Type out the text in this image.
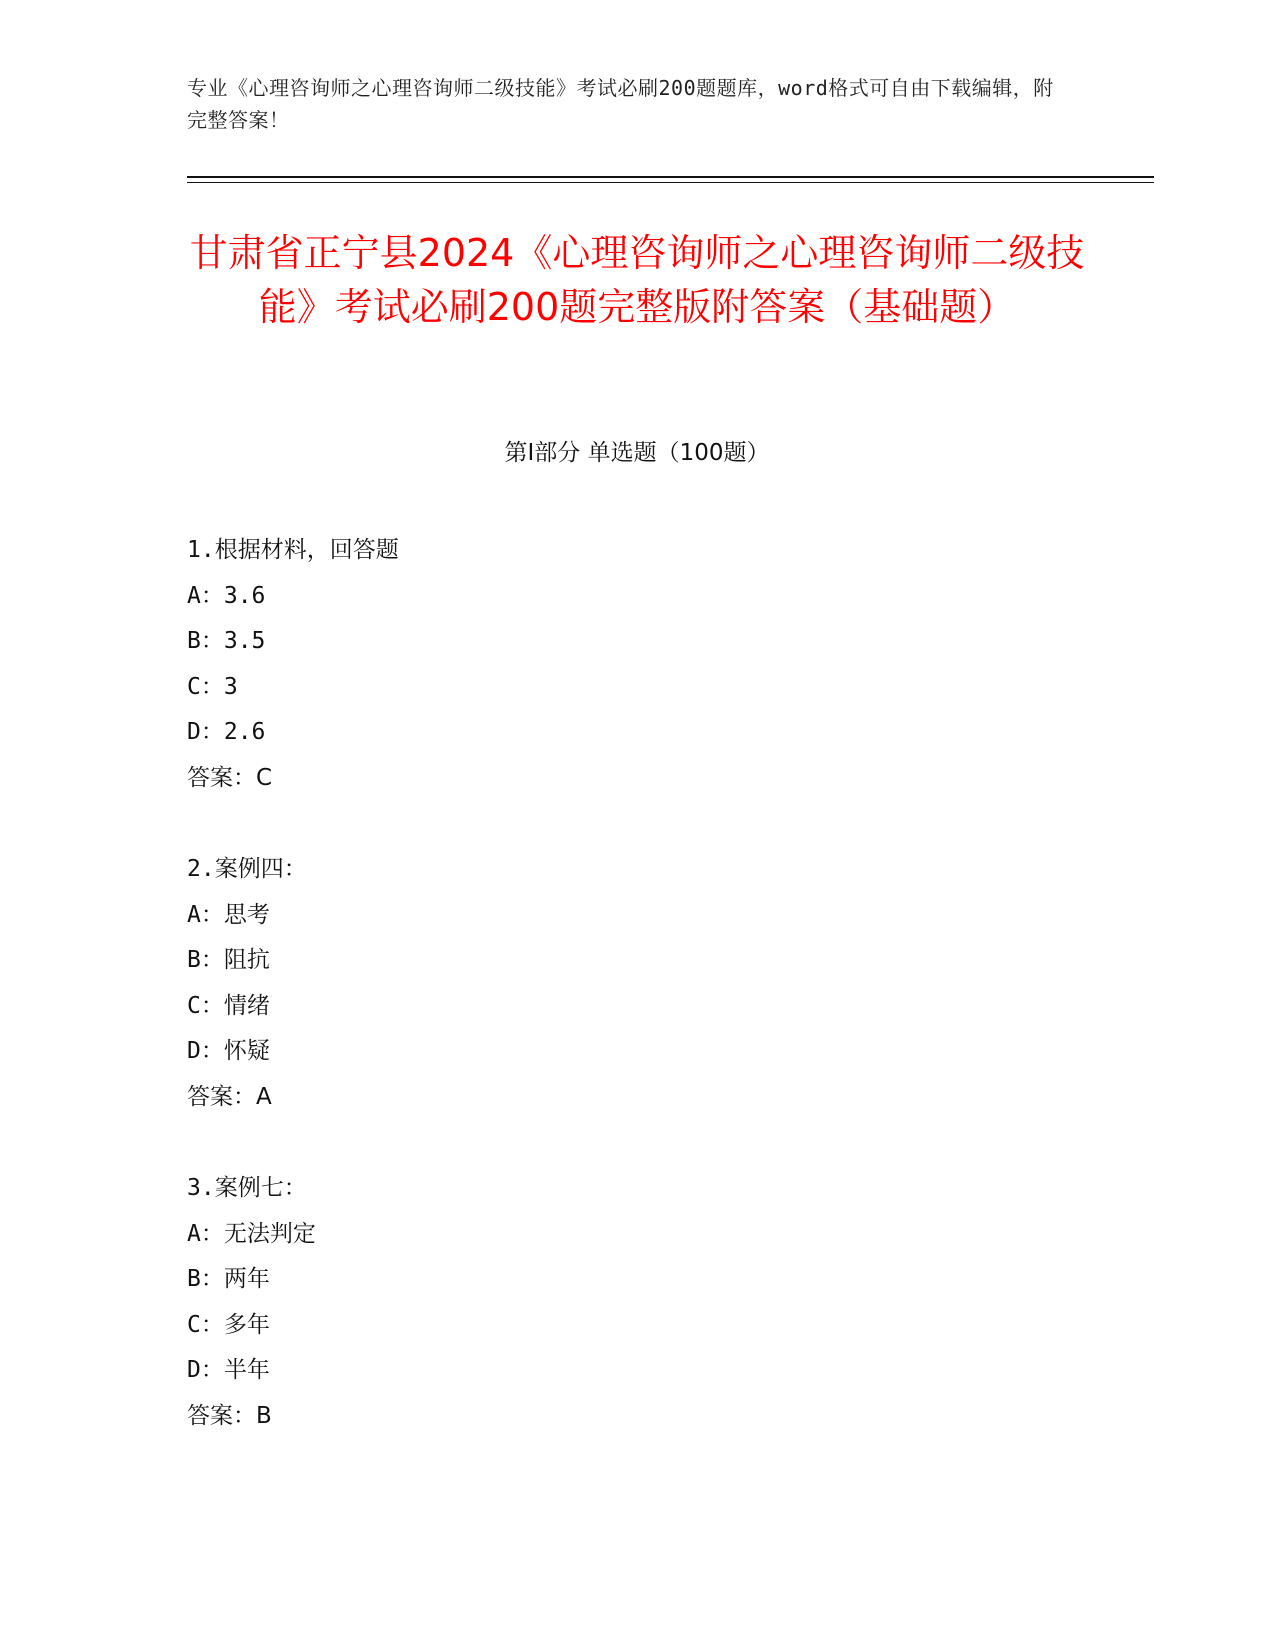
专业《心理咨询师之心理咨询师二级技能》考试必刷200题题库，word格式可自由下载编辑，附完整答案！
甘肃省正宁县2024《心理咨询师之心理咨询师二级技能》考试必刷200题完整版附答案（基础题）
第I部分 单选题（100题）
1.根据材料，回答题
A：3.6
B：3.5
C：3
D：2.6
答案：C
2.案例四：
A：思考
B：阻抗
C：情绪
D：怀疑
答案：A
3.案例七：
A：无法判定
B：两年
C：多年
D：半年
答案：B
